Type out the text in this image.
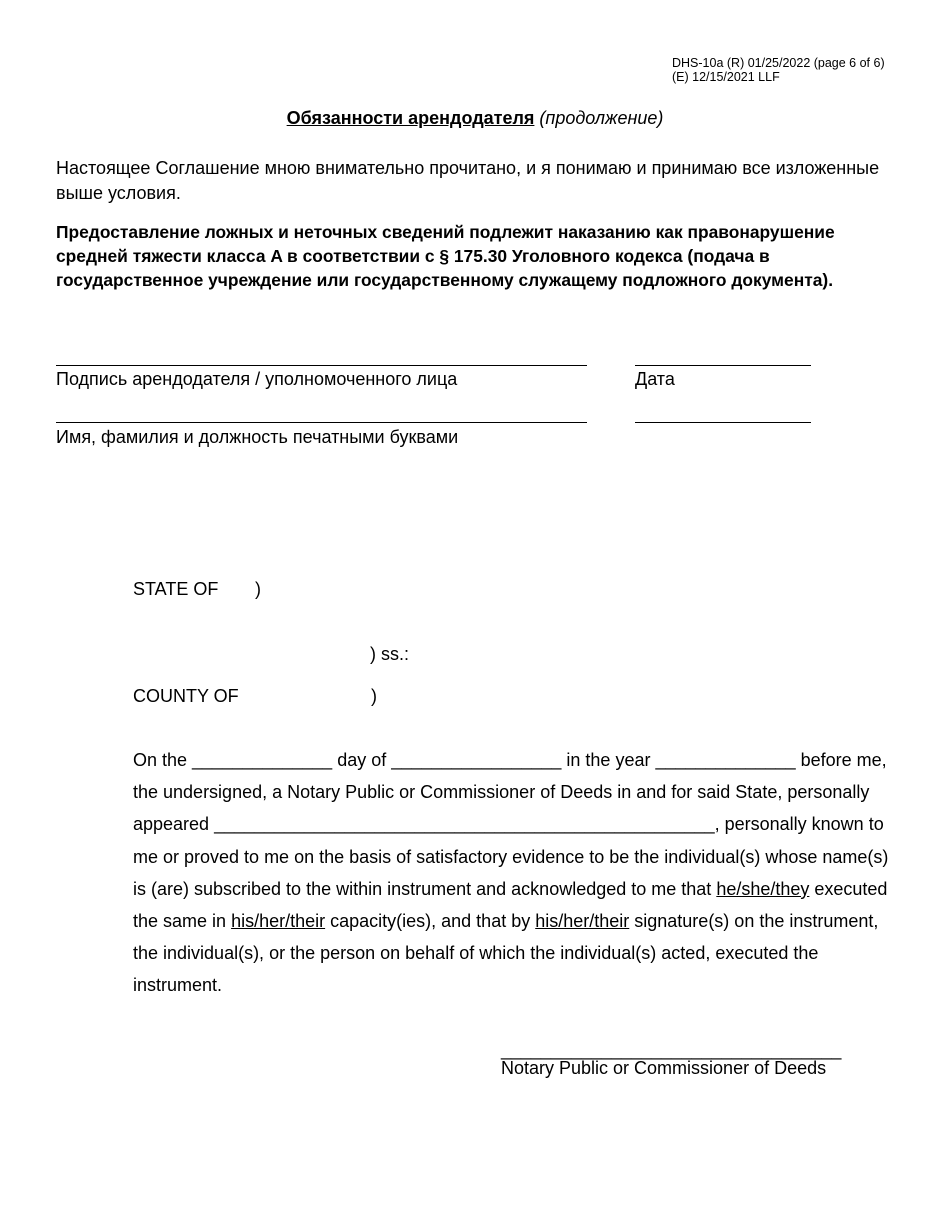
DHS-10a (R) 01/25/2022 (page 6 of 6)
(E) 12/15/2021 LLF
Обязанности арендодателя (продолжение)
Настоящее Соглашение мною внимательно прочитано, и я понимаю и принимаю все изложенные выше условия.
Предоставление ложных и неточных сведений подлежит наказанию как правонарушение средней тяжести класса A в соответствии с § 175.30 Уголовного кодекса (подача в государственное учреждение или государственному служащему подложного документа).
Подпись арендодателя / уполномоченного лица	Дата
Имя, фамилия и должность печатными буквами
STATE OF )
) ss.:
COUNTY OF	)
On the ______________ day of _________________ in the year ______________ before me, the undersigned, a Notary Public or Commissioner of Deeds in and for said State, personally appeared __________________________________________________, personally known to me or proved to me on the basis of satisfactory evidence to be the individual(s) whose name(s) is (are) subscribed to the within instrument and acknowledged to me that he/she/they executed the same in his/her/their capacity(ies), and that by his/her/their signature(s) on the instrument, the individual(s), or the person on behalf of which the individual(s) acted, executed the instrument.
__________________________________
Notary Public or Commissioner of Deeds
